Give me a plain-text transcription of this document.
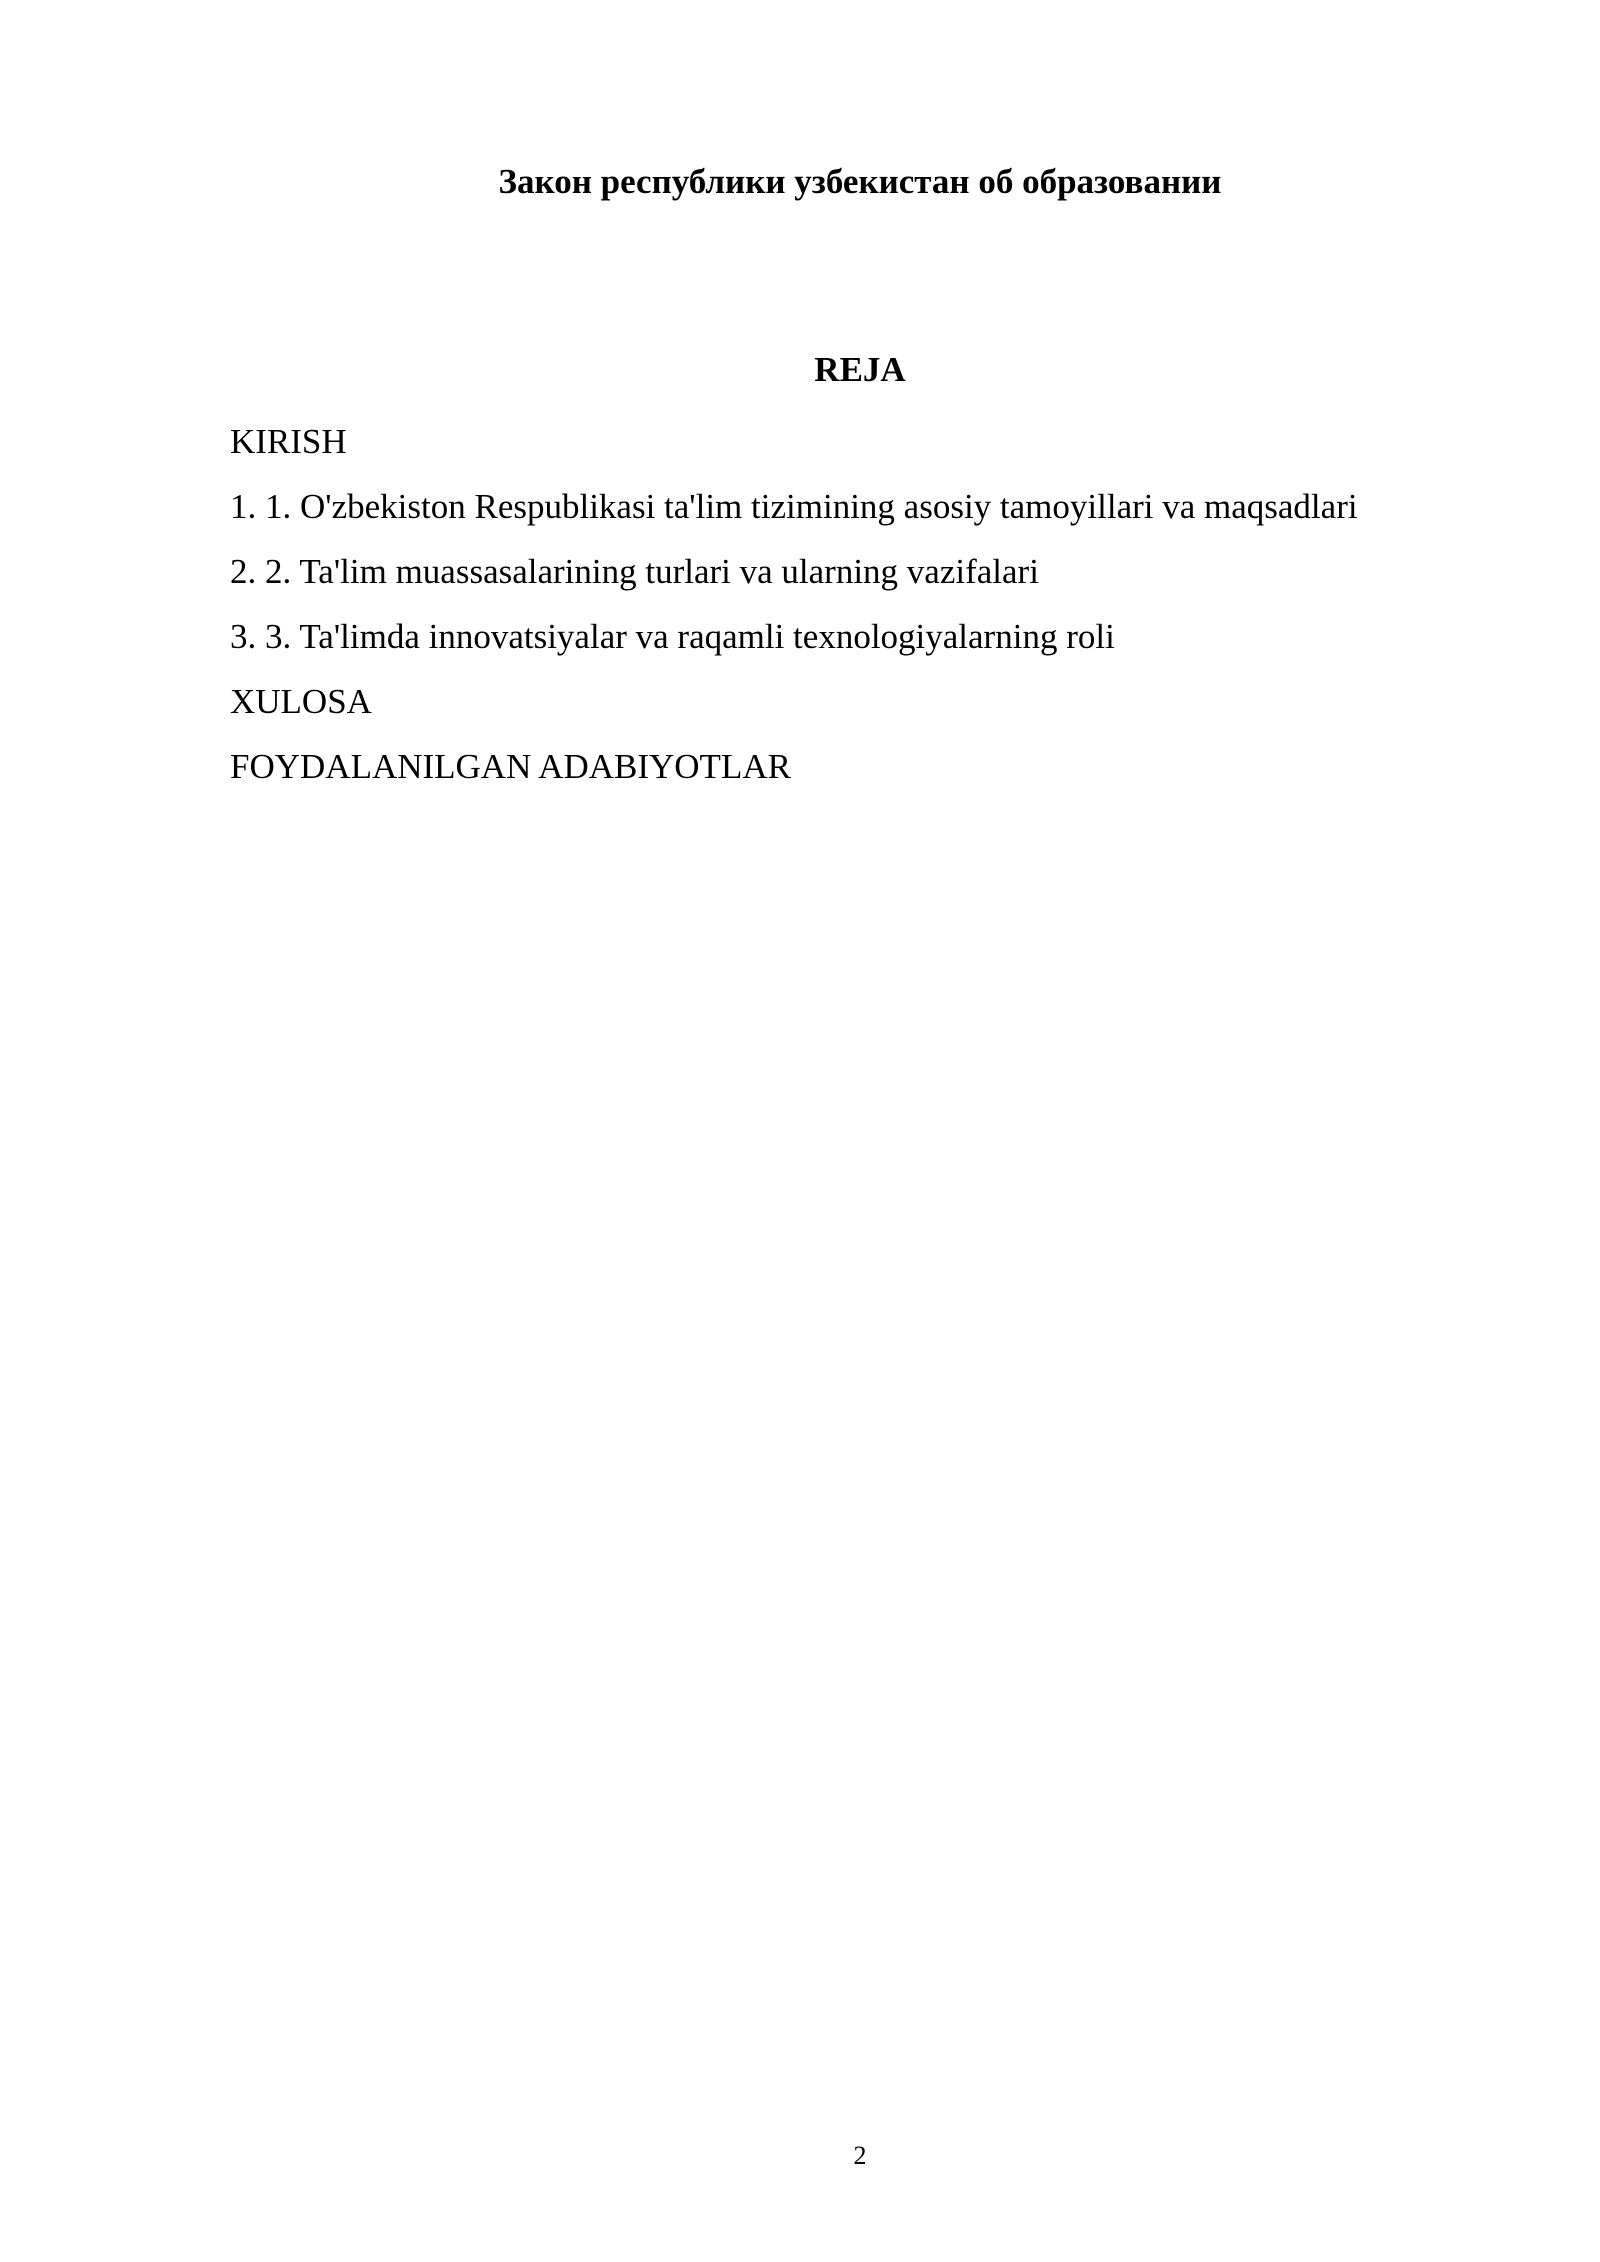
Закон республики узбекистан об образовании
REJA
KIRISH
1. 1. O'zbekiston Respublikasi ta'lim tizimining asosiy tamoyillari va maqsadlari
2. 2. Ta'lim muassasalarining turlari va ularning vazifalari
3. 3. Ta'limda innovatsiyalar va raqamli texnologiyalarning roli
XULOSA
FOYDALANILGAN ADABIYOTLAR
2
